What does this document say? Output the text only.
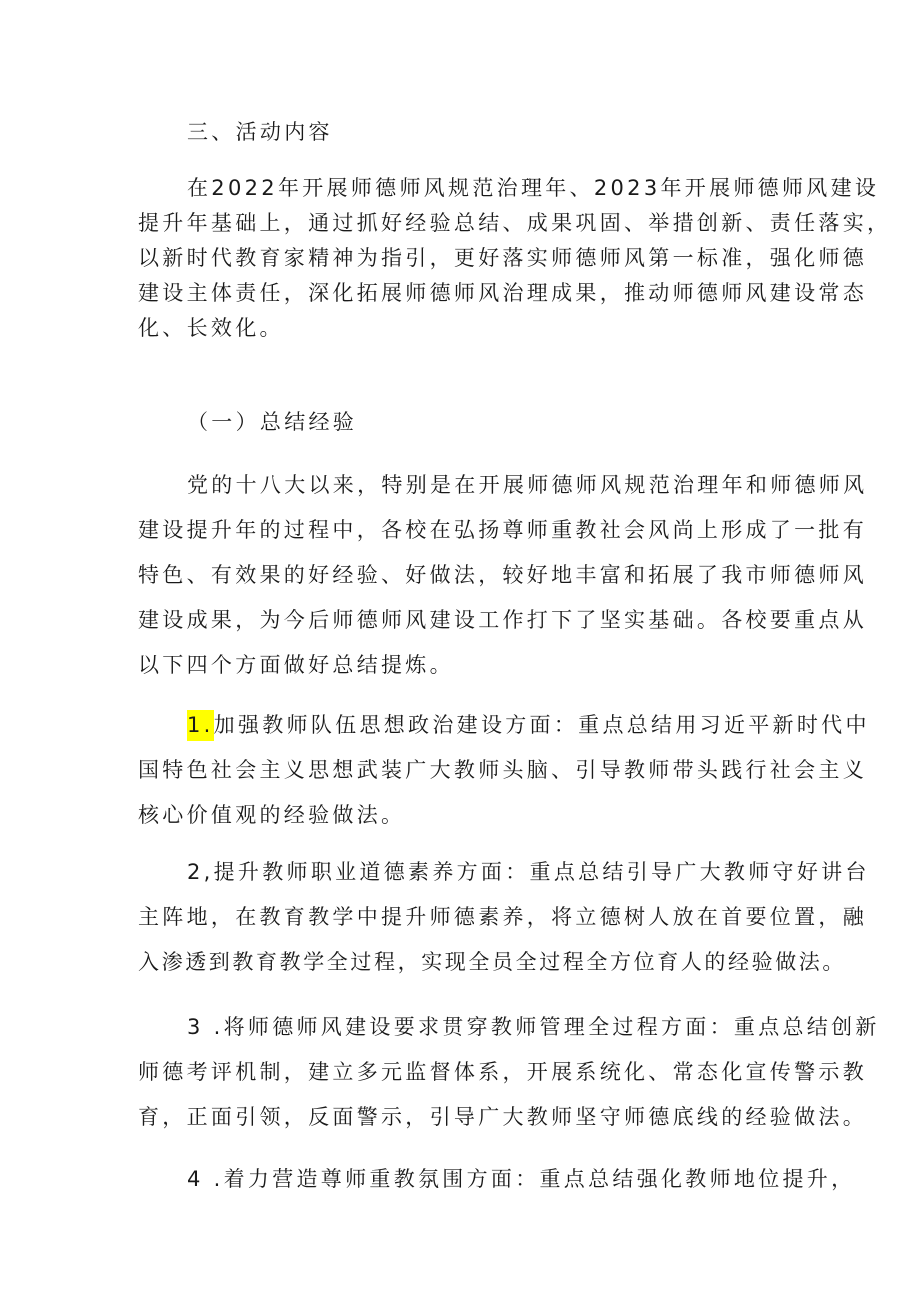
三、活动内容
在2022年开展师德师风规范治理年、2023年开展师德师风建设
提升年基础上，通过抓好经验总结、成果巩固、举措创新、责任落实，
以新时代教育家精神为指引，更好落实师德师风第一标准，强化师德
建设主体责任，深化拓展师德师风治理成果，推动师德师风建设常态
化、长效化。
（一）总结经验
党的十八大以来，特别是在开展师德师风规范治理年和师德师风
建设提升年的过程中，各校在弘扬尊师重教社会风尚上形成了一批有
特色、有效果的好经验、好做法，较好地丰富和拓展了我市师德师风
建设成果，为今后师德师风建设工作打下了坚实基础。各校要重点从
以下四个方面做好总结提炼。
1.加强教师队伍思想政治建设方面：重点总结用习近平新时代中
国特色社会主义思想武装广大教师头脑、引导教师带头践行社会主义
核心价值观的经验做法。
2,提升教师职业道德素养方面：重点总结引导广大教师守好讲台
主阵地，在教育教学中提升师德素养，将立德树人放在首要位置，融
入渗透到教育教学全过程，实现全员全过程全方位育人的经验做法。
3 .将师德师风建设要求贯穿教师管理全过程方面：重点总结创新
师德考评机制，建立多元监督体系，开展系统化、常态化宣传警示教
育，正面引领，反面警示，引导广大教师坚守师德底线的经验做法。
4 .着力营造尊师重教氛围方面：重点总结强化教师地位提升，
